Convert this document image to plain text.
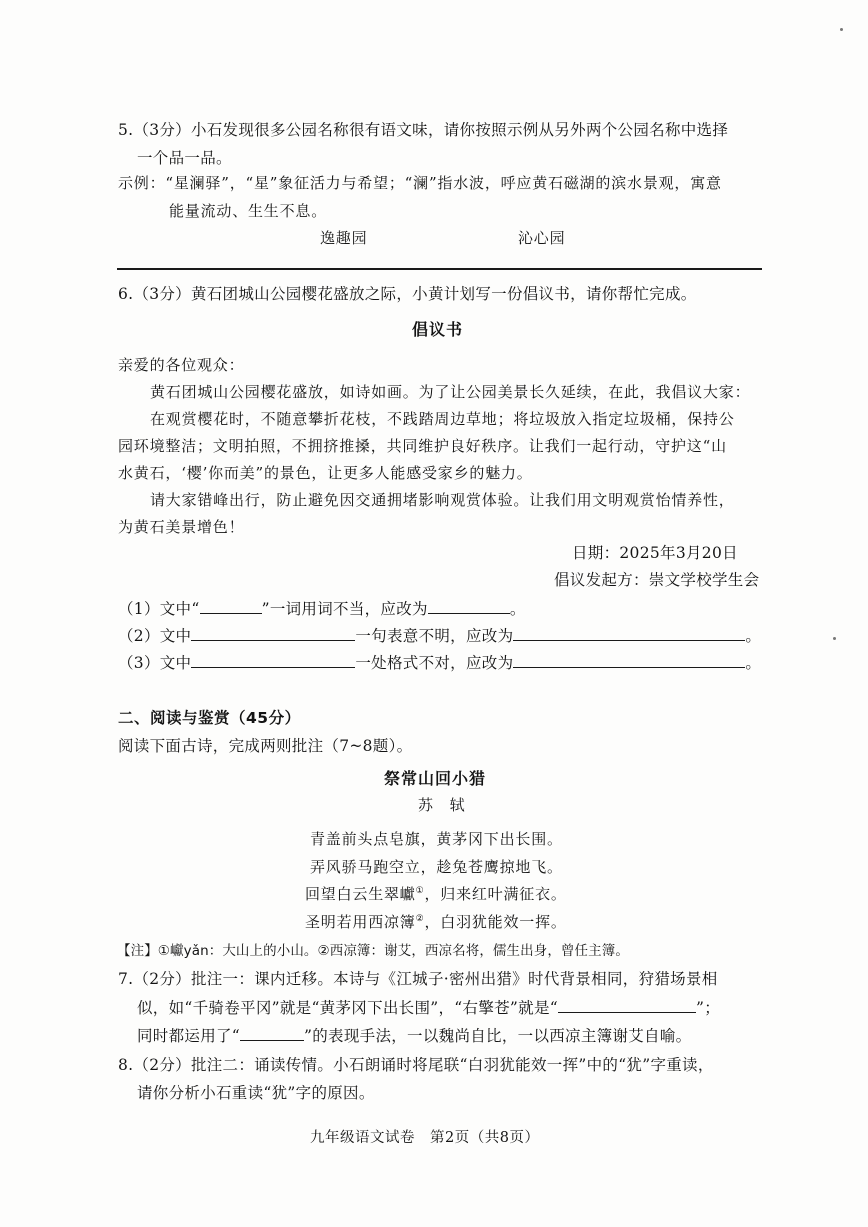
5.（3分）小石发现很多公园名称很有语文味，请你按照示例从另外两个公园名称中选择
一个品一品。
示例：“星澜驿”，“星”象征活力与希望；“澜”指水波，呼应黄石磁湖的滨水景观，寓意
能量流动、生生不息。
逸趣园	沁心园
6.（3分）黄石团城山公园樱花盛放之际，小黄计划写一份倡议书，请你帮忙完成。
倡议书
亲爱的各位观众：
黄石团城山公园樱花盛放，如诗如画。为了让公园美景长久延续，在此，我倡议大家：
在观赏樱花时，不随意攀折花枝，不践踏周边草地；将垃圾放入指定垃圾桶，保持公
园环境整洁；文明拍照，不拥挤推搡，共同维护良好秩序。让我们一起行动，守护这“山
水黄石，‘樱’你而美”的景色，让更多人能感受家乡的魅力。
请大家错峰出行，防止避免因交通拥堵影响观赏体验。让我们用文明观赏怡情养性，
为黄石美景增色！
日期：2025年3月20日
倡议发起方：崇文学校学生会
（1）文中“	”一词用词不当，应改为	。
（2）文中	一句表意不明，应改为	。
（3）文中	一处格式不对，应改为	。
二、阅读与鉴赏（45分）
阅读下面古诗，完成两则批注（7~8题）。
祭常山回小猎
苏　轼
青盖前头点皂旗，黄茅冈下出长围。
弄风骄马跑空立，趁兔苍鹰掠地飞。
回望白云生翠巘①，归来红叶满征衣。
圣明若用西凉簿②，白羽犹能效一挥。
【注】①巘yǎn：大山上的小山。②西凉簿：谢艾，西凉名将，儒生出身，曾任主簿。
7.（2分）批注一：课内迁移。本诗与《江城子·密州出猎》时代背景相同，狩猎场景相
似，如“千骑卷平冈”就是“黄茅冈下出长围”，“右擎苍”就是“	”；
同时都运用了“	”的表现手法，一以魏尚自比，一以西凉主簿谢艾自喻。
8.（2分）批注二：诵读传情。小石朗诵时将尾联“白羽犹能效一挥”中的“犹”字重读，
请你分析小石重读“犹”字的原因。
九年级语文试卷　第2页（共8页）
